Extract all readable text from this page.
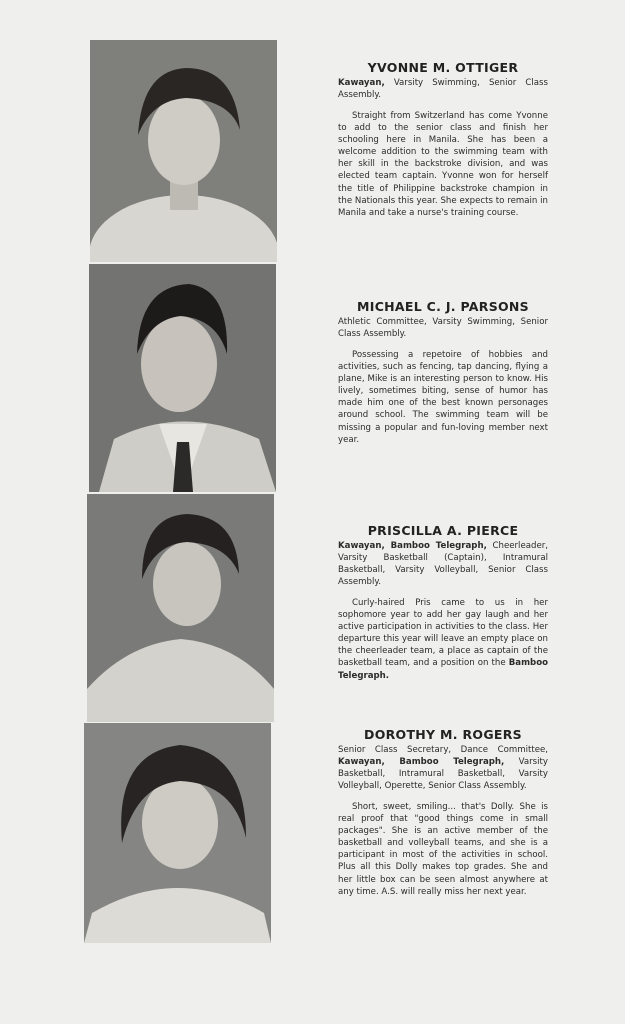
YVONNE M. OTTIGER

Kawayan, Varsity Swimming, Senior Class Assembly.

Straight from Switzerland has come Yvonne to add to the senior class and finish her schooling here in Manila. She has been a welcome addition to the swimming team with her skill in the backstroke division, and was elected team captain. Yvonne won for herself the title of Philippine backstroke champion in the Nationals this year. She expects to remain in Manila and take a nurse's training course.

MICHAEL C. J. PARSONS

Athletic Committee, Varsity Swimming, Senior Class Assembly.

Possessing a repetoire of hobbies and activities, such as fencing, tap dancing, flying a plane, Mike is an interesting person to know. His lively, sometimes biting, sense of humor has made him one of the best known personages around school. The swimming team will be missing a popular and fun-loving member next year.

PRISCILLA A. PIERCE

Kawayan, Bamboo Telegraph, Cheerleader, Varsity Basketball (Captain), Intramural Basketball, Varsity Volleyball, Senior Class Assembly.

Curly-haired Pris came to us in her sophomore year to add her gay laugh and her active participation in activities to the class. Her departure this year will leave an empty place on the cheerleader team, a place as captain of the basketball team, and a position on the Bamboo Telegraph.

DOROTHY M. ROGERS

Senior Class Secretary, Dance Committee, Kawayan, Bamboo Telegraph, Varsity Basketball, Intramural Basketball, Varsity Volleyball, Operette, Senior Class Assembly.

Short, sweet, smiling... that's Dolly. She is real proof that "good things come in small packages". She is an active member of the basketball and volleyball teams, and she is a participant in most of the activities in school. Plus all this Dolly makes top grades. She and her little box can be seen almost anywhere at any time. A.S. will really miss her next year.
